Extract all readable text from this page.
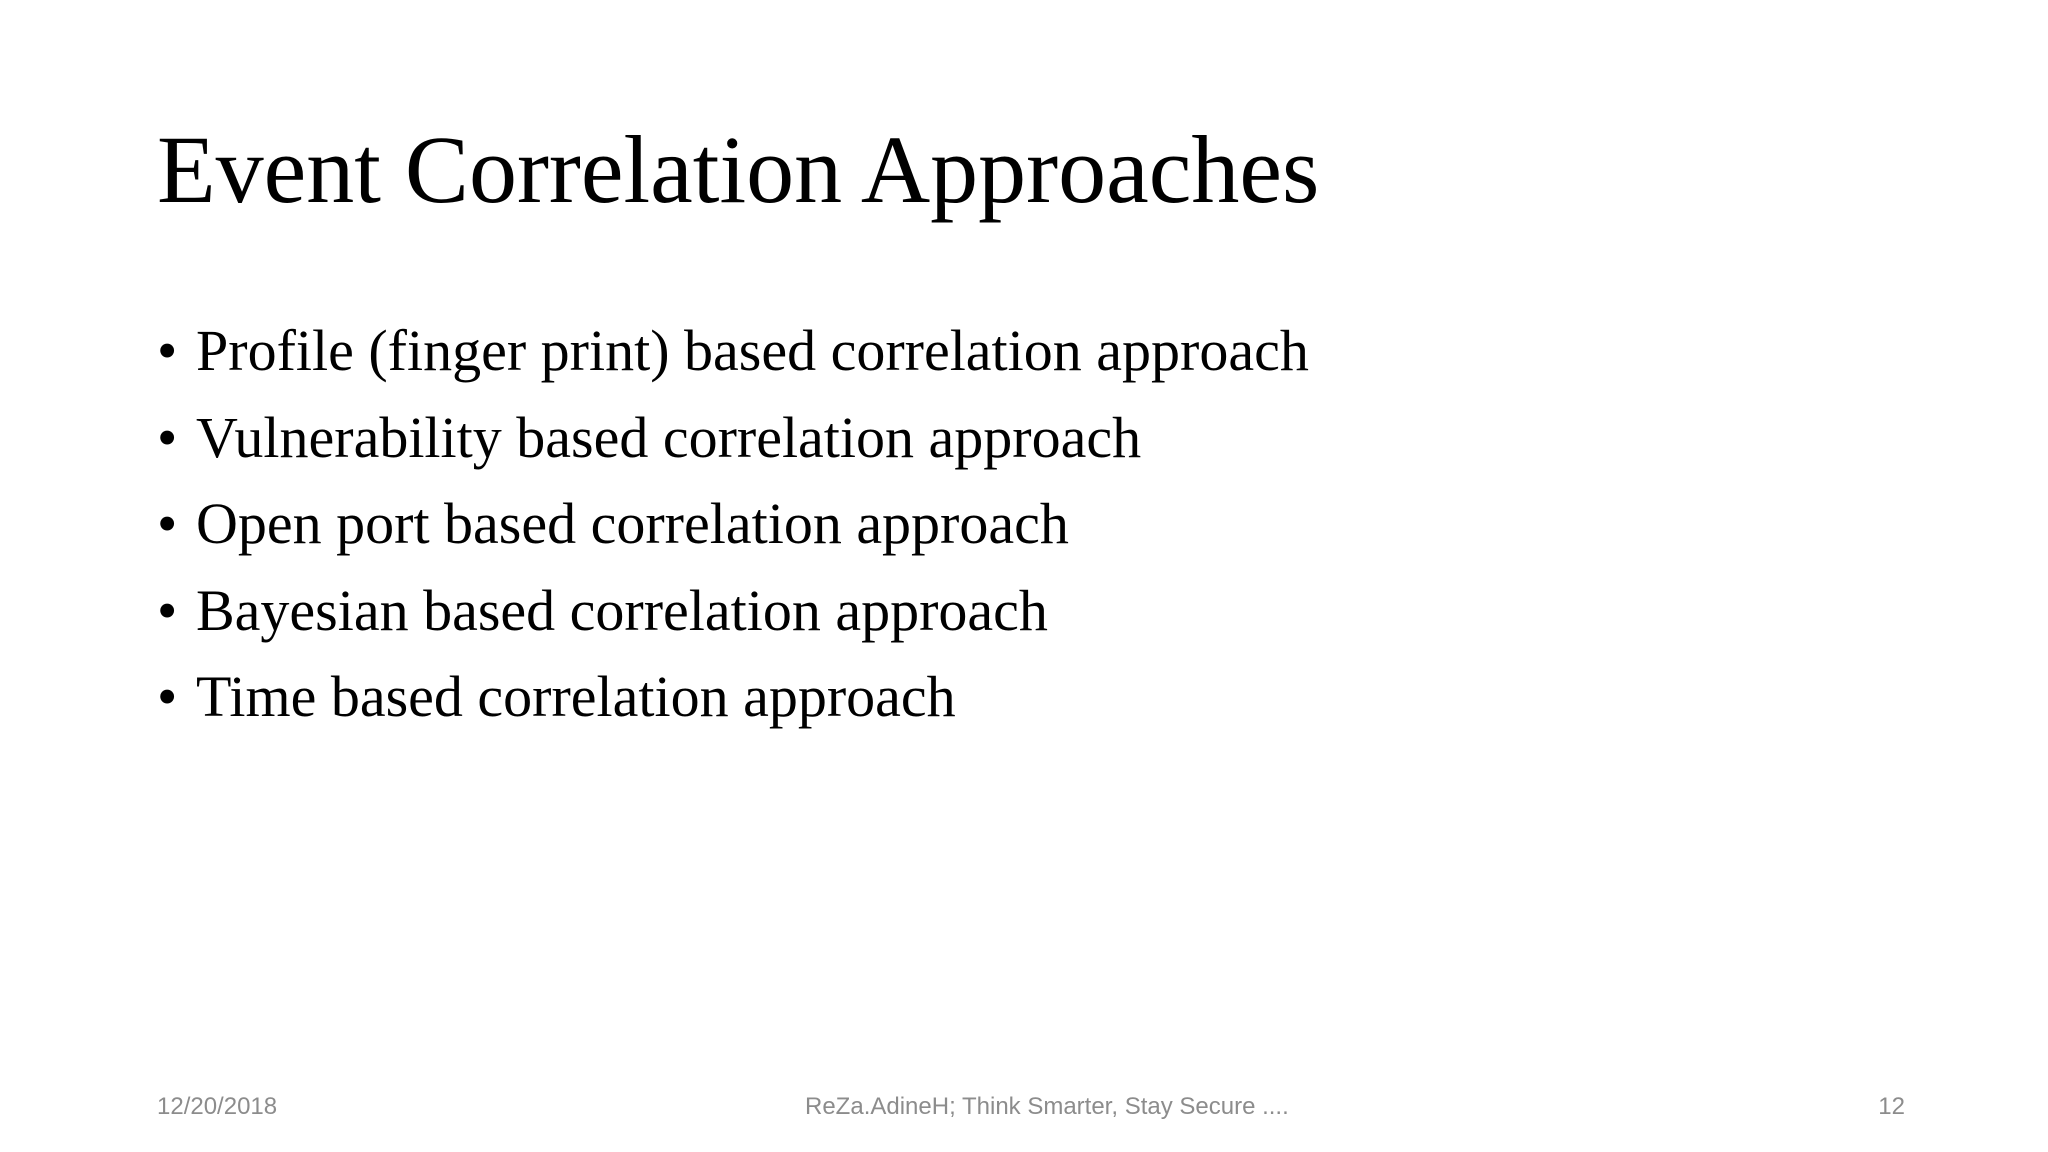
Event Correlation Approaches
• Profile (finger print) based correlation approach
• Vulnerability based correlation approach
• Open port based correlation approach
• Bayesian based correlation approach
• Time based correlation approach
12/20/2018	ReZa.AdineH; Think Smarter, Stay Secure ....	12
